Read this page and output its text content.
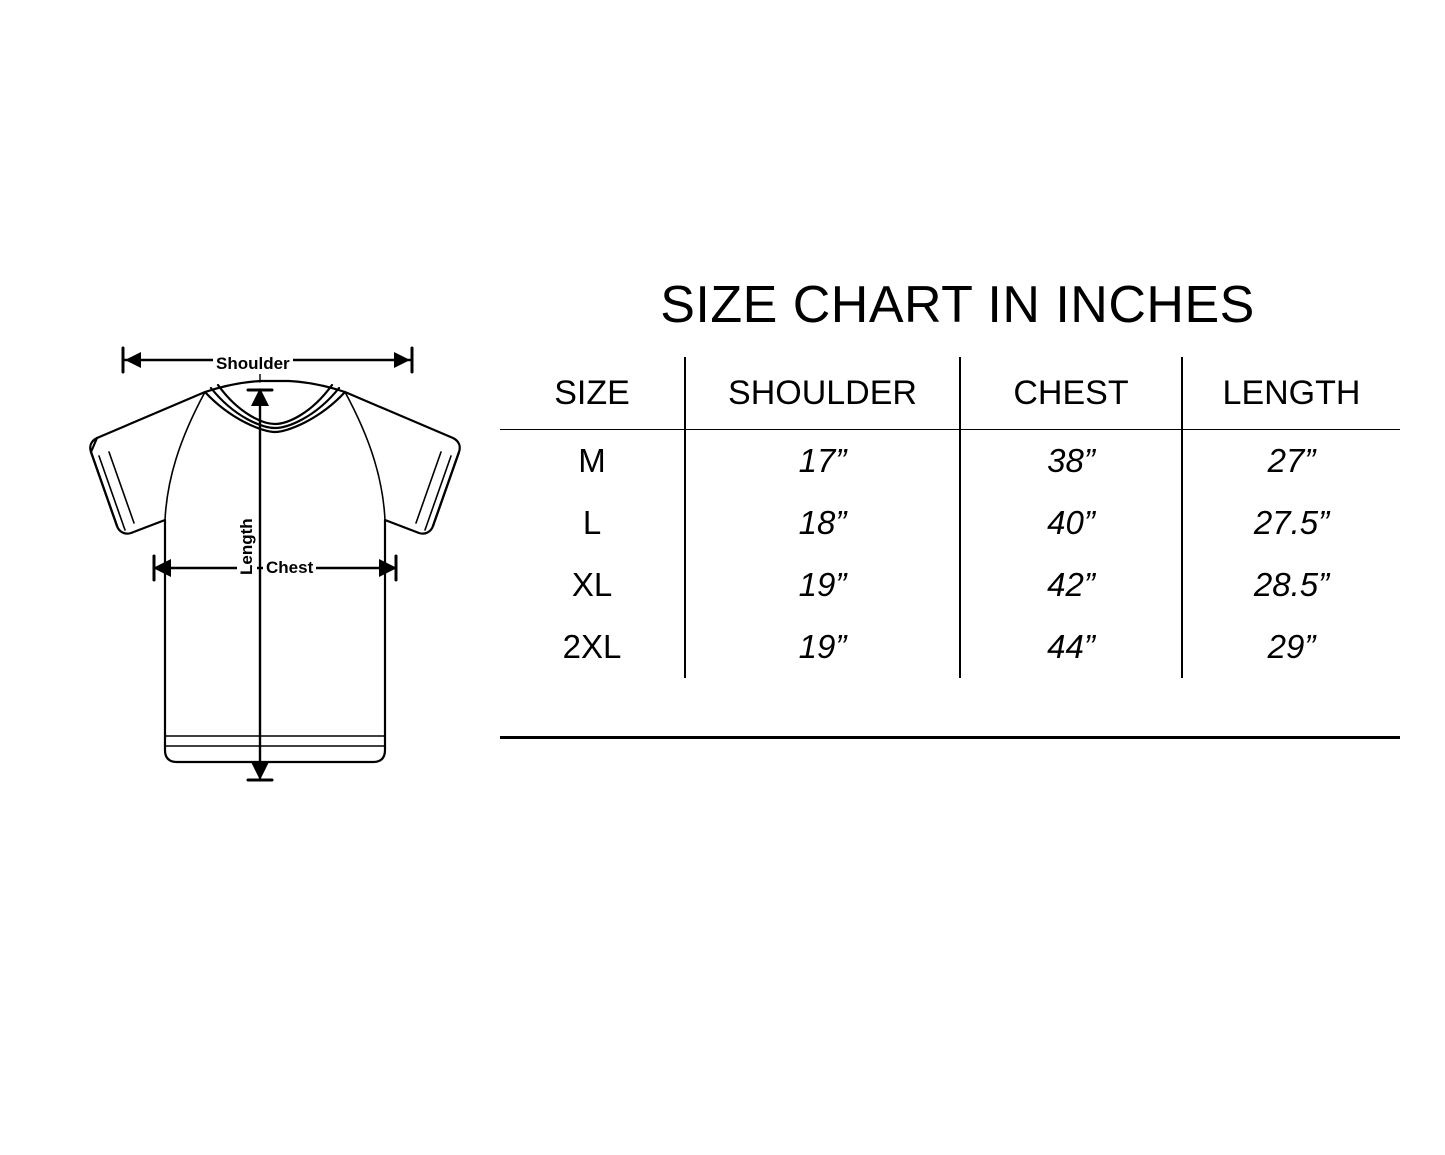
Shoulder
Chest
Length
SIZE CHART IN INCHES
SIZE	SHOULDER	CHEST	LENGTH
M	17”	38”	27”
L	18”	40”	27.5”
XL	19”	42”	28.5”
2XL	19”	44”	29”
